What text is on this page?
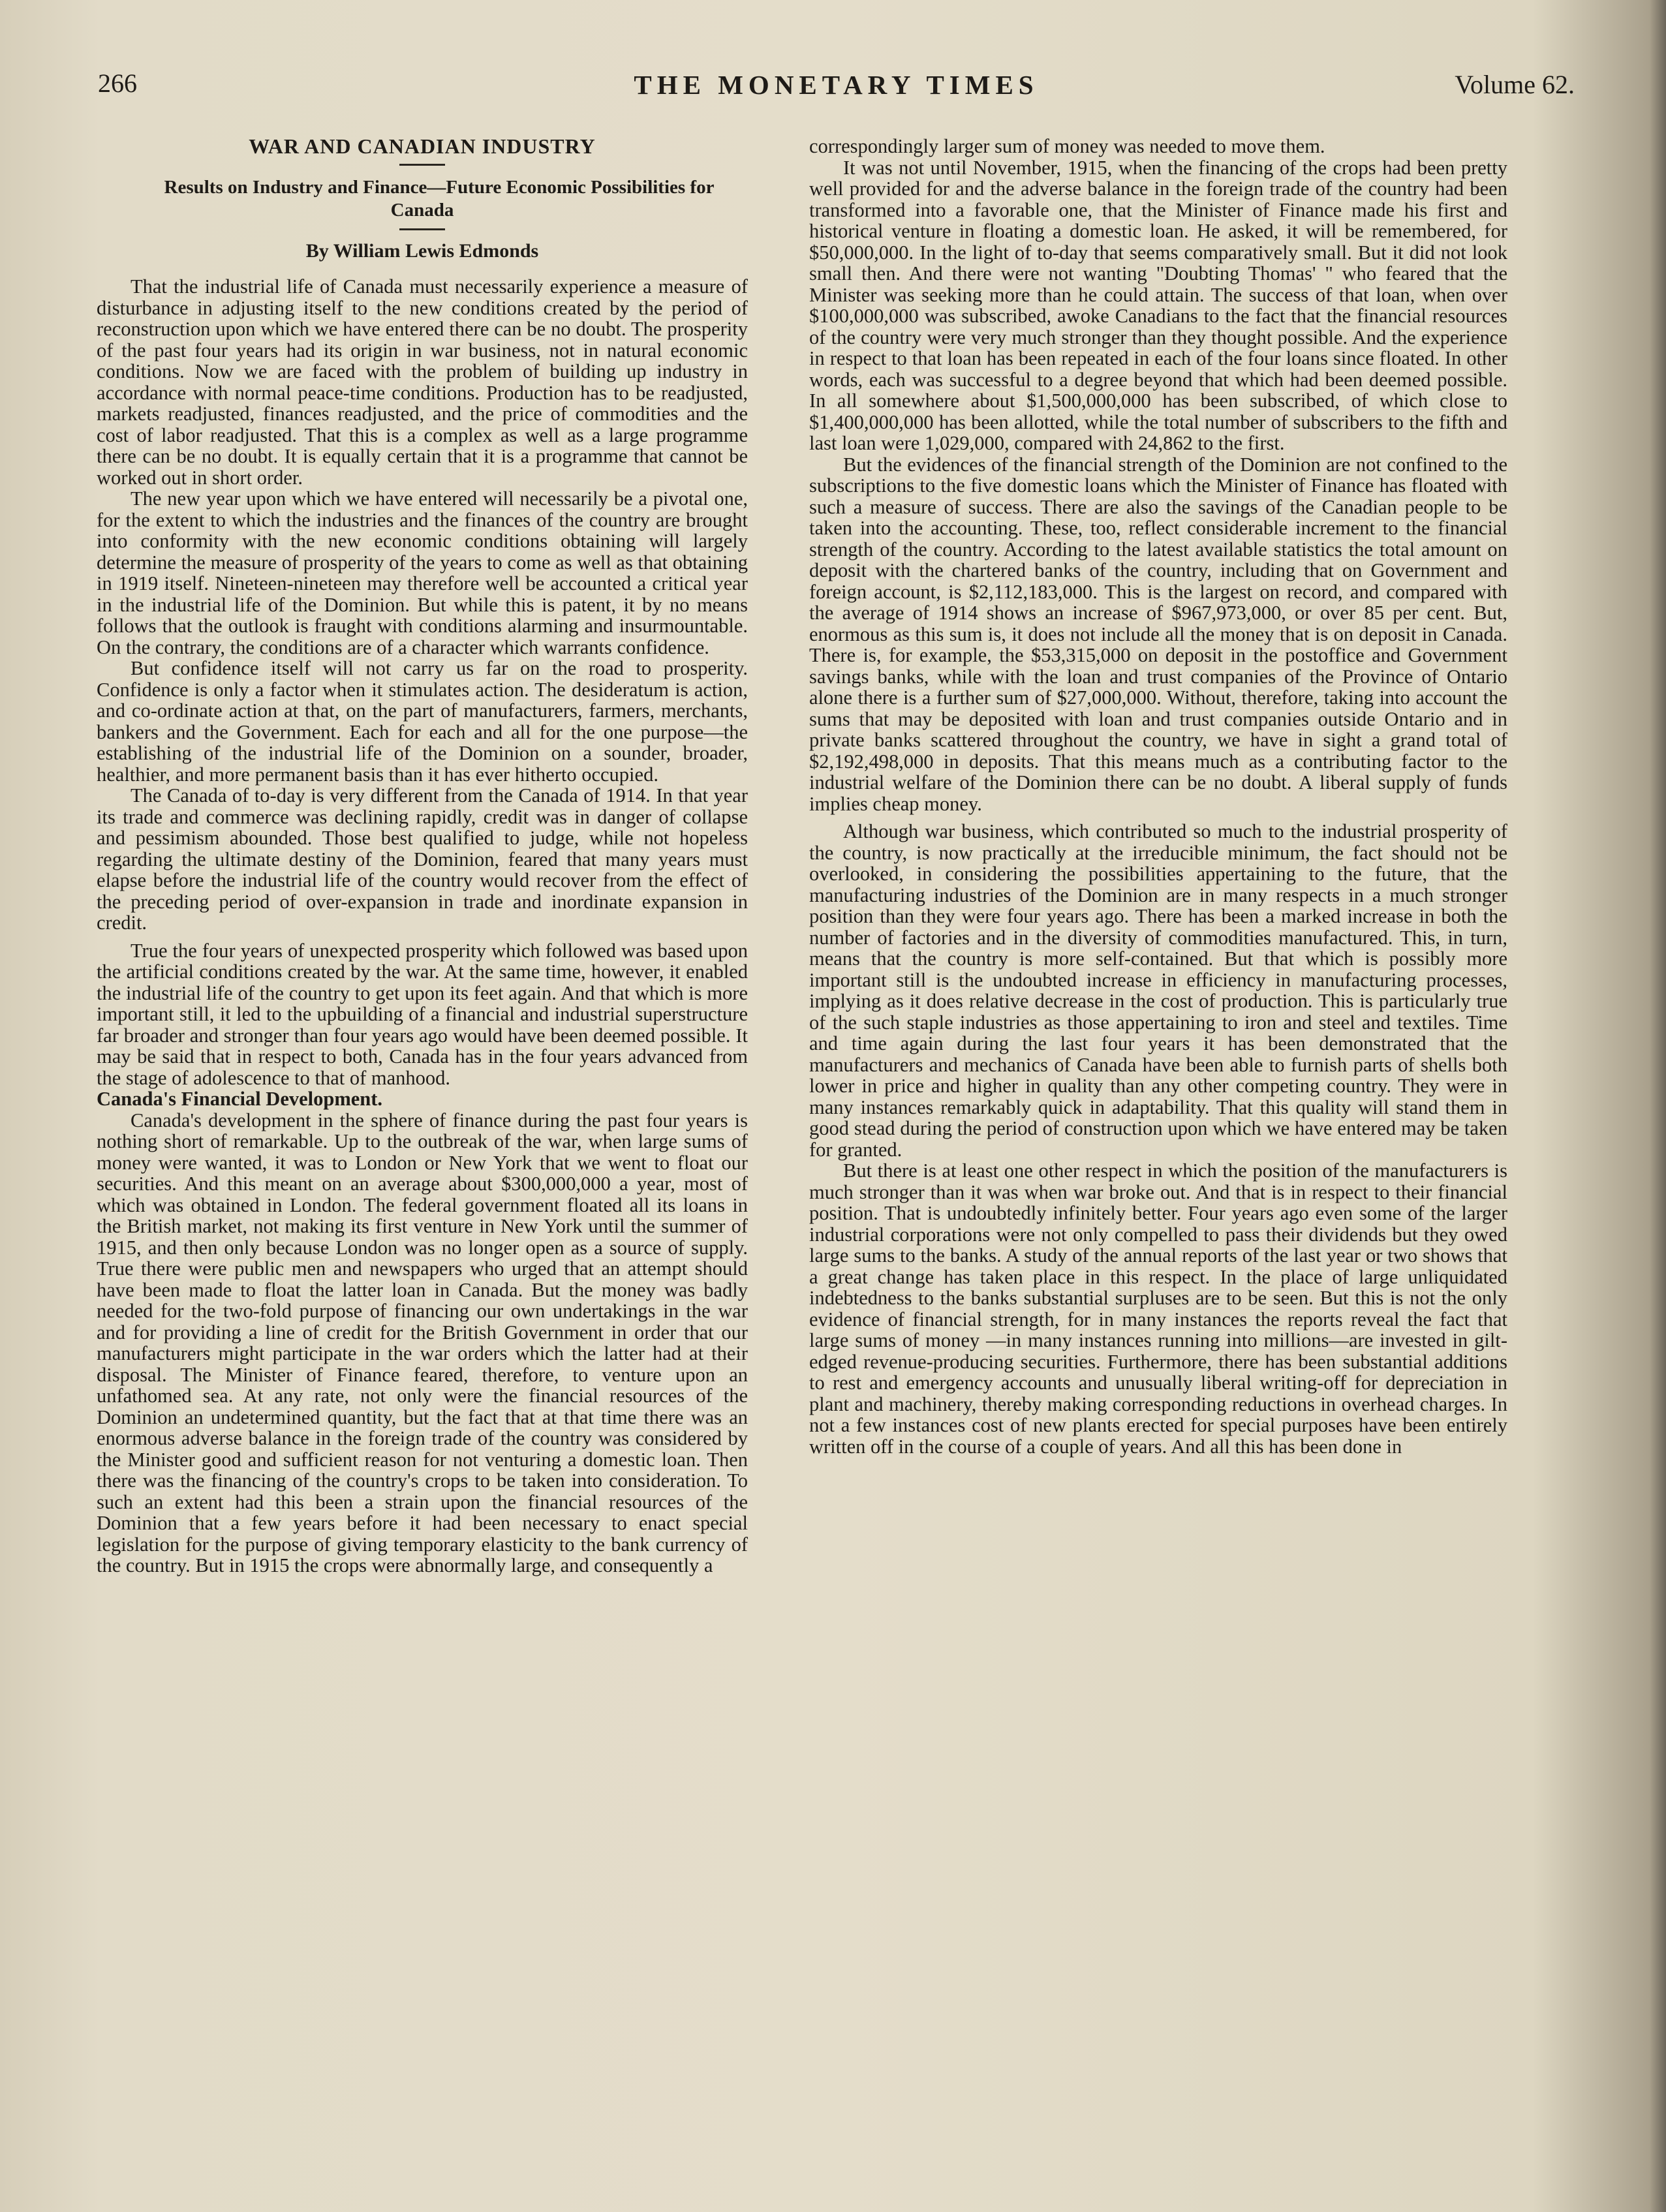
266	THE MONETARY TIMES	Volume 62.
WAR AND CANADIAN INDUSTRY

Results on Industry and Finance—Future Economic Possibilities for Canada

By William Lewis Edmonds

That the industrial life of Canada must necessarily experience a measure of disturbance in adjusting itself to the new conditions created by the period of reconstruction upon which we have entered there can be no doubt. The prosperity of the past four years had its origin in war business, not in natural economic conditions. Now we are faced with the problem of building up industry in accordance with normal peace-time conditions. Production has to be readjusted, markets readjusted, finances readjusted, and the price of commodities and the cost of labor readjusted. That this is a complex as well as a large programme there can be no doubt. It is equally certain that it is a programme that cannot be worked out in short order.

The new year upon which we have entered will necessarily be a pivotal one, for the extent to which the industries and the finances of the country are brought into conformity with the new economic conditions obtaining will largely determine the measure of prosperity of the years to come as well as that obtaining in 1919 itself. Nineteen-nineteen may therefore well be accounted a critical year in the industrial life of the Dominion. But while this is patent, it by no means follows that the outlook is fraught with conditions alarming and insurmountable. On the contrary, the conditions are of a character which warrants confidence.

But confidence itself will not carry us far on the road to prosperity. Confidence is only a factor when it stimulates action. The desideratum is action, and co-ordinate action at that, on the part of manufacturers, farmers, merchants, bankers and the Government. Each for each and all for the one purpose—the establishing of the industrial life of the Dominion on a sounder, broader, healthier, and more permanent basis than it has ever hitherto occupied.

The Canada of to-day is very different from the Canada of 1914. In that year its trade and commerce was declining rapidly, credit was in danger of collapse and pessimism abounded. Those best qualified to judge, while not hopeless regarding the ultimate destiny of the Dominion, feared that many years must elapse before the industrial life of the country would recover from the effect of the preceding period of over-expansion in trade and inordinate expansion in credit.

True the four years of unexpected prosperity which followed was based upon the artificial conditions created by the war. At the same time, however, it enabled the industrial life of the country to get upon its feet again. And that which is more important still, it led to the upbuilding of a financial and industrial superstructure far broader and stronger than four years ago would have been deemed possible. It may be said that in respect to both, Canada has in the four years advanced from the stage of adolescence to that of manhood.

Canada's Financial Development.

Canada's development in the sphere of finance during the past four years is nothing short of remarkable. Up to the outbreak of the war, when large sums of money were wanted, it was to London or New York that we went to float our securities. And this meant on an average about $300,000,000 a year, most of which was obtained in London. The federal government floated all its loans in the British market, not making its first venture in New York until the summer of 1915, and then only because London was no longer open as a source of supply. True there were public men and newspapers who urged that an attempt should have been made to float the latter loan in Canada. But the money was badly needed for the two-fold purpose of financing our own undertakings in the war and for providing a line of credit for the British Government in order that our manufacturers might participate in the war orders which the latter had at their disposal. The Minister of Finance feared, therefore, to venture upon an unfathomed sea. At any rate, not only were the financial resources of the Dominion an undetermined quantity, but the fact that at that time there was an enormous adverse balance in the foreign trade of the country was considered by the Minister good and sufficient reason for not venturing a domestic loan. Then there was the financing of the country's crops to be taken into consideration. To such an extent had this been a strain upon the financial resources of the Dominion that a few years before it had been necessary to enact special legislation for the purpose of giving temporary elasticity to the bank currency of the country. But in 1915 the crops were abnormally large, and consequently a

correspondingly larger sum of money was needed to move them.

It was not until November, 1915, when the financing of the crops had been pretty well provided for and the adverse balance in the foreign trade of the country had been transformed into a favorable one, that the Minister of Finance made his first and historical venture in floating a domestic loan. He asked, it will be remembered, for $50,000,000. In the light of to-day that seems comparatively small. But it did not look small then. And there were not wanting "Doubting Thomas' " who feared that the Minister was seeking more than he could attain. The success of that loan, when over $100,000,000 was subscribed, awoke Canadians to the fact that the financial resources of the country were very much stronger than they thought possible. And the experience in respect to that loan has been repeated in each of the four loans since floated. In other words, each was successful to a degree beyond that which had been deemed possible. In all somewhere about $1,500,000,000 has been subscribed, of which close to $1,400,000,000 has been allotted, while the total number of subscribers to the fifth and last loan were 1,029,000, compared with 24,862 to the first.

But the evidences of the financial strength of the Dominion are not confined to the subscriptions to the five domestic loans which the Minister of Finance has floated with such a measure of success. There are also the savings of the Canadian people to be taken into the accounting. These, too, reflect considerable increment to the financial strength of the country. According to the latest available statistics the total amount on deposit with the chartered banks of the country, including that on Government and foreign account, is $2,112,183,000. This is the largest on record, and compared with the average of 1914 shows an increase of $967,973,000, or over 85 per cent. But, enormous as this sum is, it does not include all the money that is on deposit in Canada. There is, for example, the $53,315,000 on deposit in the postoffice and Government savings banks, while with the loan and trust companies of the Province of Ontario alone there is a further sum of $27,000,000. Without, therefore, taking into account the sums that may be deposited with loan and trust companies outside Ontario and in private banks scattered throughout the country, we have in sight a grand total of $2,192,498,000 in deposits. That this means much as a contributing factor to the industrial welfare of the Dominion there can be no doubt. A liberal supply of funds implies cheap money.

Although war business, which contributed so much to the industrial prosperity of the country, is now practically at the irreducible minimum, the fact should not be overlooked, in considering the possibilities appertaining to the future, that the manufacturing industries of the Dominion are in many respects in a much stronger position than they were four years ago. There has been a marked increase in both the number of factories and in the diversity of commodities manufactured. This, in turn, means that the country is more self-contained. But that which is possibly more important still is the undoubted increase in efficiency in manufacturing processes, implying as it does relative decrease in the cost of production. This is particularly true of the such staple industries as those appertaining to iron and steel and textiles. Time and time again during the last four years it has been demonstrated that the manufacturers and mechanics of Canada have been able to furnish parts of shells both lower in price and higher in quality than any other competing country. They were in many instances remarkably quick in adaptability. That this quality will stand them in good stead during the period of construction upon which we have entered may be taken for granted.

But there is at least one other respect in which the position of the manufacturers is much stronger than it was when war broke out. And that is in respect to their financial position. That is undoubtedly infinitely better. Four years ago even some of the larger industrial corporations were not only compelled to pass their dividends but they owed large sums to the banks. A study of the annual reports of the last year or two shows that a great change has taken place in this respect. In the place of large unliquidated indebtedness to the banks substantial surpluses are to be seen. But this is not the only evidence of financial strength, for in many instances the reports reveal the fact that large sums of money —in many instances running into millions—are invested in gilt-edged revenue-producing securities. Furthermore, there has been substantial additions to rest and emergency accounts and unusually liberal writing-off for depreciation in plant and machinery, thereby making corresponding reductions in overhead charges. In not a few instances cost of new plants erected for special purposes have been entirely written off in the course of a couple of years. And all this has been done in
